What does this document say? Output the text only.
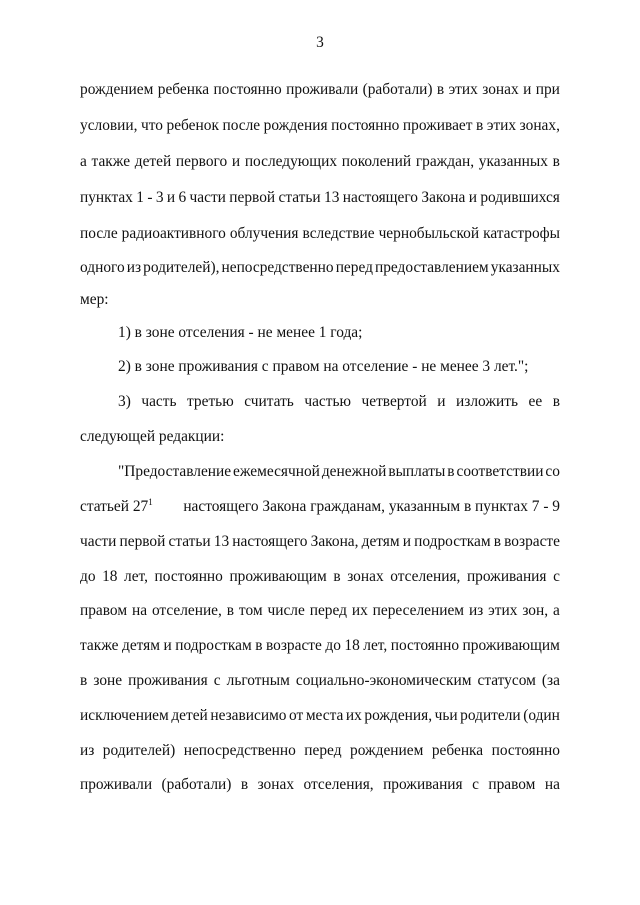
3
рождением ребенка постоянно проживали (работали) в этих зонах и при
условии, что ребенок после рождения постоянно проживает в этих зонах,
а также детей первого и последующих поколений граждан, указанных в
пунктах 1 - 3 и 6 части первой статьи 13 настоящего Закона и родившихся
после радиоактивного облучения вследствие чернобыльской катастрофы
одного из родителей), непосредственно перед предоставлением указанных
мер:
1) в зоне отселения - не менее 1 года;
2) в зоне проживания с правом на отселение - не менее 3 лет.";
3) часть третью считать частью четвертой и изложить ее в
следующей редакции:
"Предоставление ежемесячной денежной выплаты в соответствии со
статьей $27^1$ настоящего Закона гражданам, указанным в пунктах 7 - 9
части первой статьи 13 настоящего Закона, детям и подросткам в возрасте
до 18 лет, постоянно проживающим в зонах отселения, проживания с
правом на отселение, в том числе перед их переселением из этих зон, а
также детям и подросткам в возрасте до 18 лет, постоянно проживающим
в зоне проживания с льготным социально-экономическим статусом (за
исключением детей независимо от места их рождения, чьи родители (один
из родителей) непосредственно перед рождением ребенка постоянно
проживали (работали) в зонах отселения, проживания с правом на
